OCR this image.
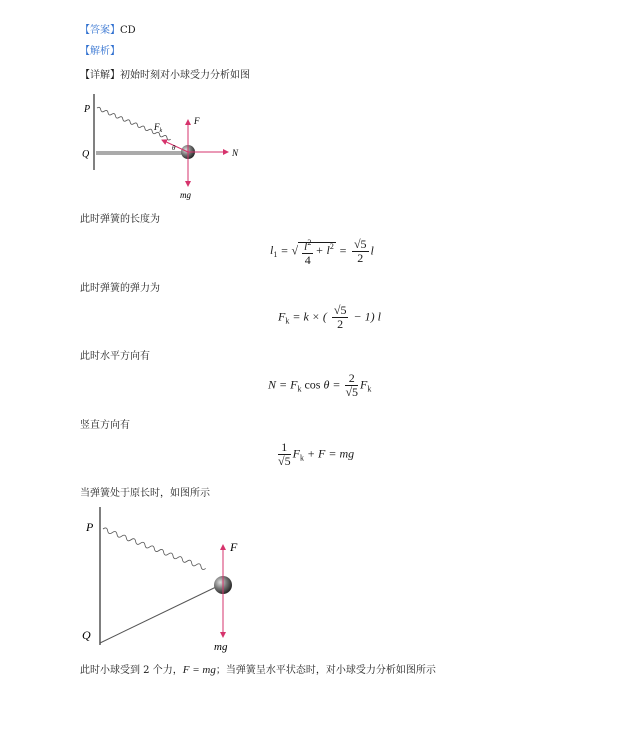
【答案】CD
【解析】
【详解】初始时刻对小球受力分析如图
P
Q
$F_k$
F
N
mg
θ
此时弹簧的长度为
$l_1$ = √ $\frac{l^2}{4} + l^2 = \frac{√5}{2}$ l
此时弹簧的弹力为
$F_k = k$ × ( $\frac{√5}{2} - 1$) l
此时水平方向有
$N = F_k$ $\cos \theta = \frac{2}{√5} F_k$
竖直方向有
$\frac{1}{√5} F_k + F$ = mg
当弹簧处于原长时，如图所示
P
Q
F
mg
此时小球受到 2 个力，F = mg；当弹簧呈水平状态时，对小球受力分析如图所示
